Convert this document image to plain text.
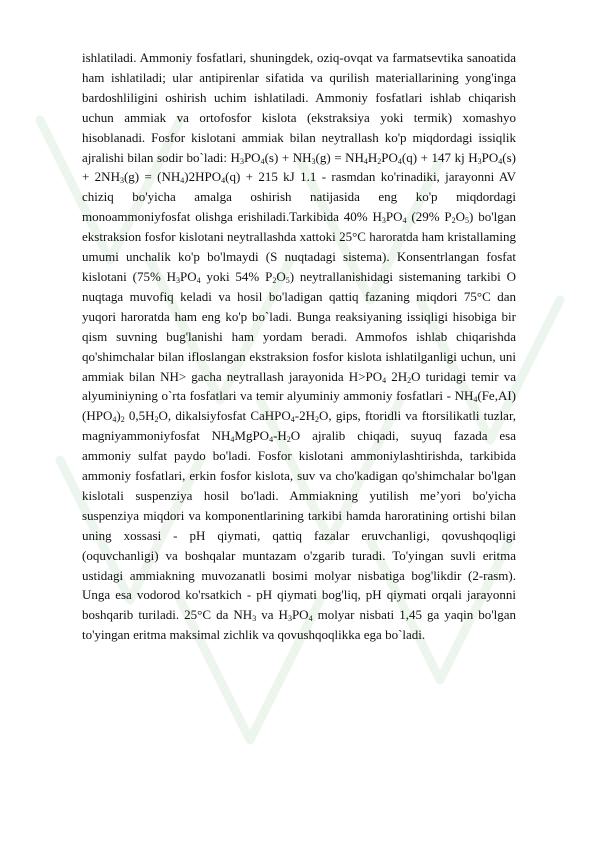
ishlatiladi. Ammoniy fosfatlari, shuningdek, oziq-ovqat va farmatsevtika sanoatida ham ishlatiladi; ular antipirenlar sifatida va qurilish materiallarining yong'inga bardoshliligini oshirish uchim ishlatiladi. Ammoniy fosfatlari ishlab chiqarish uchun ammiak va ortofosfor kislota (ekstraksiya yoki termik) xomashyo hisoblanadi. Fosfor kislotani ammiak bilan neytrallash ko'p miqdordagi issiqlik ajralishi bilan sodir bo`ladi: $H_3PO_4(s) + NH_3(g) = NH_4H_2PO_4(q) + 147$ kj $H_3PO_4(s) + 2NH_3(g) = (NH_4)2HPO_4(q) + 215$ kJ 1.1 - rasmdan ko'rinadiki, jarayonni AV chiziq bo'yicha amalga oshirish natijasida eng ko'p miqdordagi monoammoniyfosfat olishga erishiladi.Tarkibida 40% $H_3PO_4$ (29% $P_2O_5$) bo'lgan ekstraksion fosfor kislotani neytrallashda xattoki 25°C haroratda ham kristallaming umumi unchalik ko'p bo'lmaydi (S nuqtadagi sistema). Konsentrlangan fosfat kislotani (75% $H_3PO_4$ yoki 54% $P_2O_5$) neytrallanishidagi sistemaning tarkibi O nuqtaga muvofiq keladi va hosil bo'ladigan qattiq fazaning miqdori 75°C dan yuqori haroratda ham eng ko'p bo`ladi. Bunga reaksiyaning issiqligi hisobiga bir qism suvning bug'lanishi ham yordam beradi. Ammofos ishlab chiqarishda qo'shimchalar bilan ifloslangan ekstraksion fosfor kislota ishlatilganligi uchun, uni ammiak bilan NH> gacha neytrallash jarayonida $H>PO_4$ $2H_2O$ turidagi temir va alyuminiyning o`rta fosfatlari va temir alyuminiy ammoniy fosfatlari - $NH_4(Fe,AI)(HPO_4)_2$ $0,5H_2O$, dikalsiyfosfat $CaHPO_4-2H_2O$, gips, ftoridli va ftorsilikatli tuzlar, magniyammoniyfosfat $NH_4MgPO_4-H_2O$ ajralib chiqadi, suyuq fazada esa ammoniy sulfat paydo bo'ladi. Fosfor kislotani ammoniylashtirishda, tarkibida ammoniy fosfatlari, erkin fosfor kislota, suv va cho'kadigan qo'shimchalar bo'lgan kislotali suspenziya hosil bo'ladi. Ammiakning yutilish me’yori bo'yicha suspenziya miqdori va komponentlarining tarkibi hamda haroratining ortishi bilan uning xossasi - pH qiymati, qattiq fazalar eruvchanligi, qovushqoqligi (oquvchanligi) va boshqalar muntazam o'zgarib turadi. To'yingan suvli eritma ustidagi ammiakning muvozanatli bosimi molyar nisbatiga bog'likdir (2-rasm). Unga esa vodorod ko'rsatkich - pH qiymati bog'liq, pH qiymati orqali jarayonni boshqarib turiladi. 25°C da $NH_3$ va $H_3PO_4$ molyar nisbati 1,45 ga yaqin bo'lgan to'yingan eritma maksimal zichlik va qovushqoqlikka ega bo`ladi.
